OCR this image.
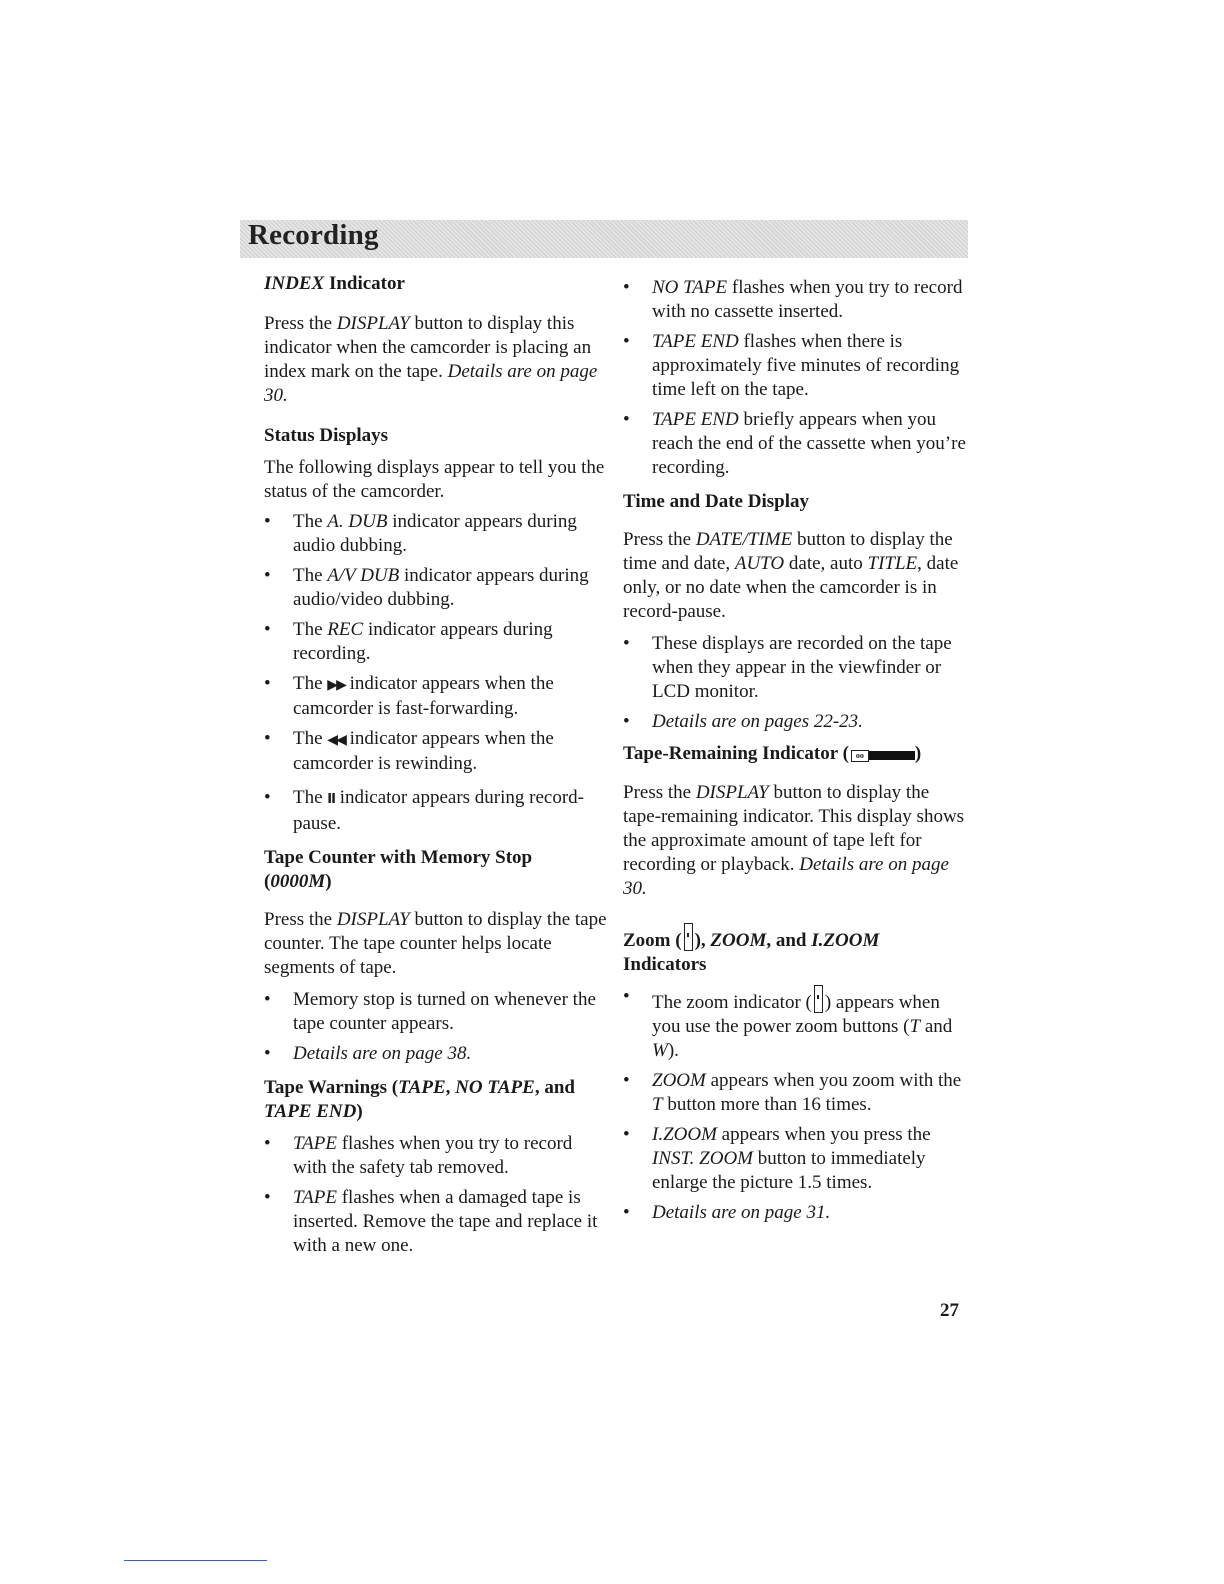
Recording

INDEX Indicator

Press the DISPLAY button to display this indicator when the camcorder is placing an index mark on the tape. Details are on page 30.

Status Displays

The following displays appear to tell you the status of the camcorder.

• The A. DUB indicator appears during audio dubbing.

• The A/V DUB indicator appears during audio/video dubbing.

• The REC indicator appears during recording.

• The ▶▶ indicator appears when the camcorder is fast-forwarding.

• The ◀◀ indicator appears when the camcorder is rewinding.

• The II indicator appears during record-pause.

Tape Counter with Memory Stop
(0000M)

Press the DISPLAY button to display the tape counter. The tape counter helps locate segments of tape.

• Memory stop is turned on whenever the tape counter appears.

• Details are on page 38.

Tape Warnings (TAPE, NO TAPE, and TAPE END)

• TAPE flashes when you try to record with the safety tab removed.

• TAPE flashes when a damaged tape is inserted. Remove the tape and replace it with a new one.

• NO TAPE flashes when you try to record with no cassette inserted.

• TAPE END flashes when there is approximately five minutes of recording time left on the tape.

• TAPE END briefly appears when you reach the end of the cassette when you’re recording.

Time and Date Display

Press the DATE/TIME button to display the time and date, AUTO date, auto TITLE, date only, or no date when the camcorder is in record-pause.

• These displays are recorded on the tape when they appear in the viewfinder or LCD monitor.

• Details are on pages 22-23.

Tape-Remaining Indicator ( oo	)

Press the DISPLAY button to display the tape-remaining indicator. This display shows the approximate amount of tape left for recording or playback. Details are on page 30.

Zoom ( ), ZOOM, and I.ZOOM
Indicators

• The zoom indicator ( ) appears when you use the power zoom buttons (T and W).

• ZOOM appears when you zoom with the T button more than 16 times.

• I.ZOOM appears when you press the INST. ZOOM button to immediately enlarge the picture 1.5 times.

• Details are on page 31.

27
